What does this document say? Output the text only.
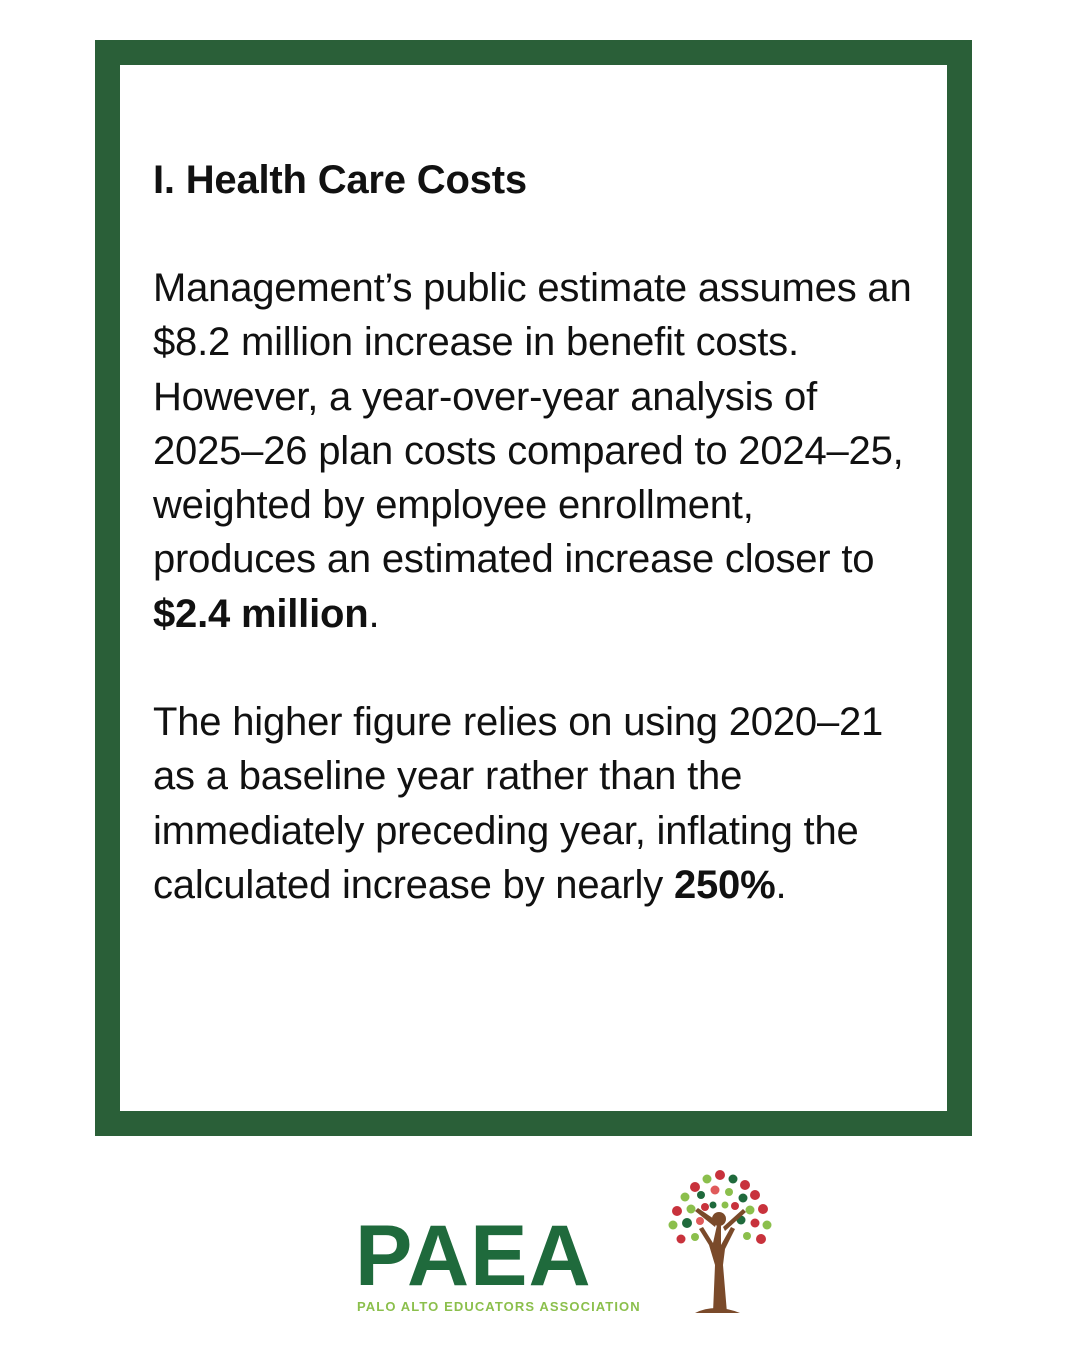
I. Health Care Costs

Management’s public estimate assumes an $8.2 million increase in benefit costs. However, a year-over-year analysis of 2025–26 plan costs compared to 2024–25, weighted by employee enrollment, produces an estimated increase closer to
$2.4 million.

The higher figure relies on using 2020–21 as a baseline year rather than the immediately preceding year, inflating the calculated increase by nearly 250%.

PAEA
PALO ALTO EDUCATORS ASSOCIATION
